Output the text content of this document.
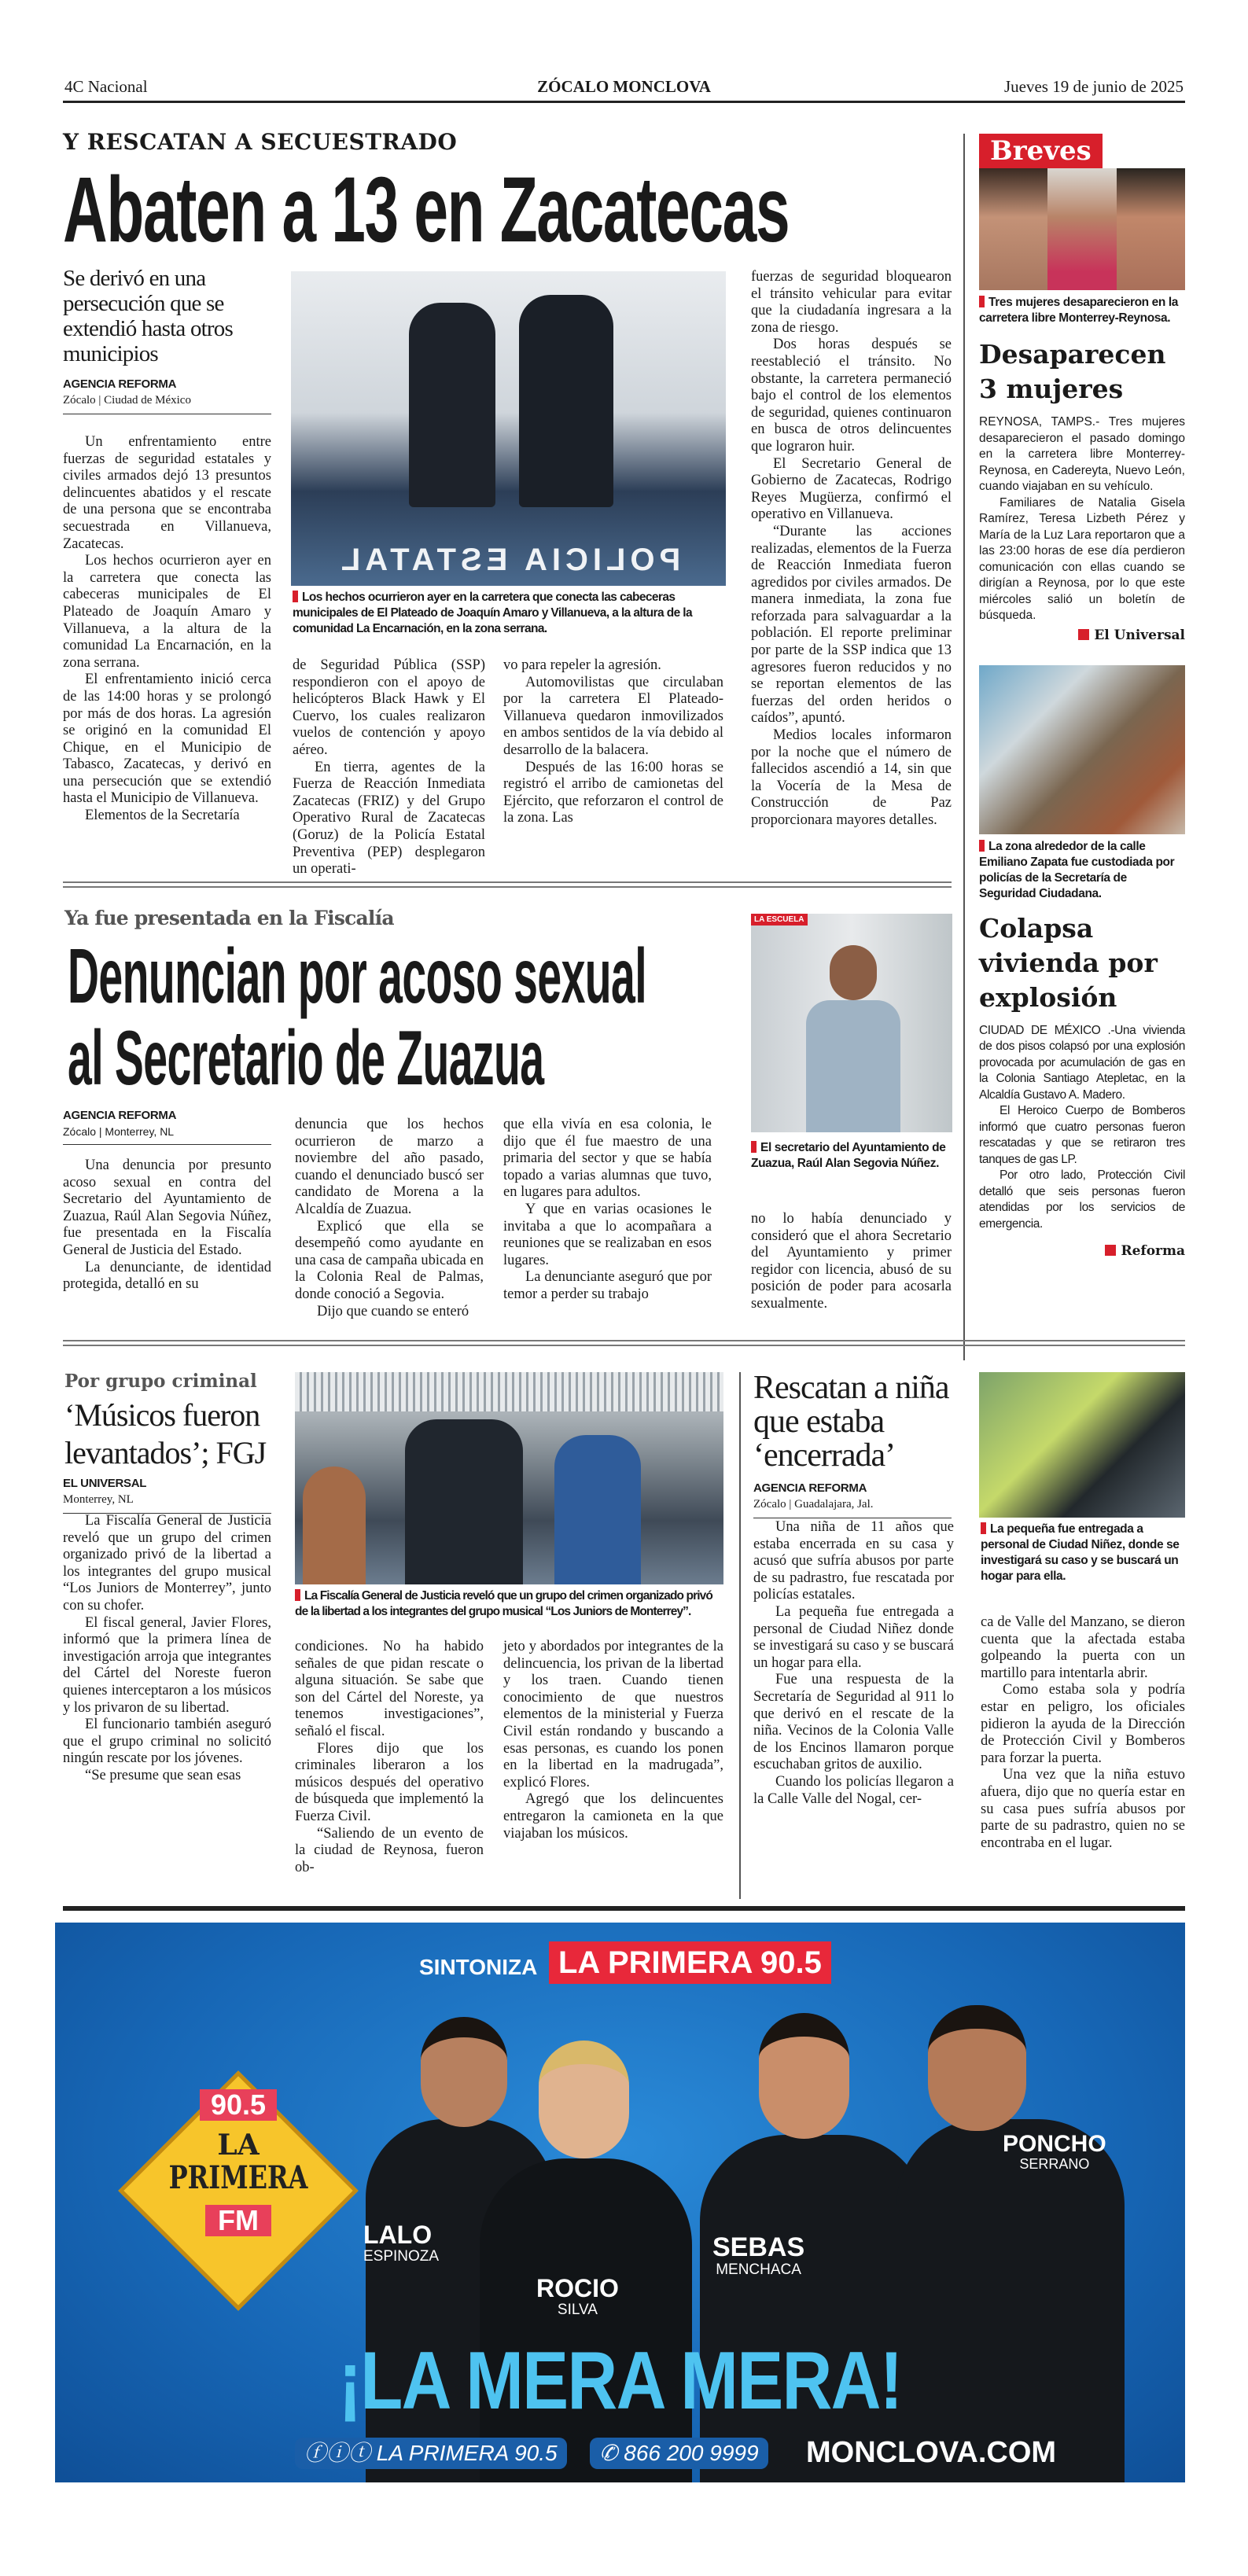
4C Nacional	ZÓCALO MONCLOVA	Jueves 19 de junio de 2025
Y RESCATAN A SECUESTRADO
Abaten a 13 en Zacatecas
Se derivó en una persecución que se extendió hasta otros municipios
AGENCIA REFORMA
Zócalo | Ciudad de México

Un enfrentamiento entre fuerzas de seguridad estatales y civiles armados dejó 13 presuntos delincuentes abatidos y el rescate de una persona que se encontraba secuestrada en Villanueva, Zacatecas.

Los hechos ocurrieron ayer en la carretera que conecta las cabeceras municipales de El Plateado de Joaquín Amaro y Villanueva, a la altura de la comunidad La Encarnación, en la zona serrana.

El enfrentamiento inició cerca de las 14:00 horas y se prolongó por más de dos horas. La agresión se originó en la comunidad El Chique, en el Municipio de Tabasco, Zacatecas, y derivó en una persecución que se extendió hasta el Municipio de Villanueva.

Elementos de la Secretaría

POLICIA ESTATAL
Los hechos ocurrieron ayer en la carretera que conecta las cabeceras municipales de El Plateado de Joaquín Amaro y Villanueva, a la altura de la comunidad La Encarnación, en la zona serrana.

de Seguridad Pública (SSP) respondieron con el apoyo de helicópteros Black Hawk y El Cuervo, los cuales realizaron vuelos de contención y apoyo aéreo.

En tierra, agentes de la Fuerza de Reacción Inmediata Zacatecas (FRIZ) y del Grupo Operativo Rural de Zacatecas (Goruz) de la Policía Estatal Preventiva (PEP) desplegaron un operati-

vo para repeler la agresión.

Automovilistas que circulaban por la carretera El Plateado-Villanueva quedaron inmovilizados en ambos sentidos de la vía debido al desarrollo de la balacera.

Después de las 16:00 horas se registró el arribo de camionetas del Ejército, que reforzaron el control de la zona. Las

fuerzas de seguridad bloquearon el tránsito vehicular para evitar que la ciudadanía ingresara a la zona de riesgo.

Dos horas después se reestableció el tránsito. No obstante, la carretera permaneció bajo el control de los elementos de seguridad, quienes continuaron en busca de otros delincuentes que lograron huir.

El Secretario General de Gobierno de Zacatecas, Rodrigo Reyes Mugüerza, confirmó el operativo en Villanueva.

“Durante las acciones realizadas, elementos de la Fuerza de Reacción Inmediata fueron agredidos por civiles armados. De manera inmediata, la zona fue reforzada para salvaguardar a la población. El reporte preliminar por parte de la SSP indica que 13 agresores fueron reducidos y no se reportan elementos de las fuerzas del orden heridos o caídos”, apuntó.

Medios locales informaron por la noche que el número de fallecidos ascendió a 14, sin que la Vocería de la Mesa de Construcción de Paz proporcionara mayores detalles.

Breves
Tres mujeres desaparecieron en la carretera libre Monterrey-Reynosa.
Desaparecen 3 mujeres

REYNOSA, TAMPS.- Tres mujeres desaparecieron el pasado domingo en la carretera libre Monterrey-Reynosa, en Cadereyta, Nuevo León, cuando viajaban en su vehículo.

Familiares de Natalia Gisela Ramírez, Teresa Lizbeth Pérez y María de la Luz Lara reportaron que a las 23:00 horas de ese día perdieron comunicación con ellas cuando se dirigían a Reynosa, por lo que este miércoles salió un boletín de búsqueda.

El Universal
La zona alrededor de la calle Emiliano Zapata fue custodiada por policías de la Secretaría de Seguridad Ciudadana.
Colapsa vivienda por explosión

CIUDAD DE MÉXICO .-Una vivienda de dos pisos colapsó por una explosión provocada por acumulación de gas en la Colonia Santiago Atepletac, en la Alcaldía Gustavo A. Madero.

El Heroico Cuerpo de Bomberos informó que cuatro personas fueron rescatadas y que se retiraron tres tanques de gas LP.

Por otro lado, Protección Civil detalló que seis personas fueron atendidas por los servicios de emergencia.

Reforma
Ya fue presentada en la Fiscalía
Denuncian por acoso sexual
al Secretario de Zuazua
AGENCIA REFORMA
Zócalo | Monterrey, NL

Una denuncia por presunto acoso sexual en contra del Secretario del Ayuntamiento de Zuazua, Raúl Alan Segovia Núñez, fue presentada en la Fiscalía General de Justicia del Estado.

La denunciante, de identidad protegida, detalló en su

denuncia que los hechos ocurrieron de marzo a noviembre del año pasado, cuando el denunciado buscó ser candidato de Morena a la Alcaldía de Zuazua.

Explicó que ella se desempeñó como ayudante en una casa de campaña ubicada en la Colonia Real de Palmas, donde conoció a Segovia.

Dijo que cuando se enteró

que ella vivía en esa colonia, le dijo que él fue maestro de una primaria del sector y que se había topado a varias alumnas que tuvo, en lugares para adultos.

Y que en varias ocasiones le invitaba a que lo acompañara a reuniones que se realizaban en esos lugares.

La denunciante aseguró que por temor a perder su trabajo

LA ESCUELA
El secretario del Ayuntamiento de Zuazua, Raúl Alan Segovia Núñez.

no lo había denunciado y consideró que el ahora Secretario del Ayuntamiento y primer regidor con licencia, abusó de su posición de poder para acosarla sexualmente.

Por grupo criminal
‘Músicos fueron levantados’; FGJ
EL UNIVERSAL
Monterrey, NL

La Fiscalía General de Justicia reveló que un grupo del crimen organizado privó de la libertad a los integrantes del grupo musical “Los Juniors de Monterrey”, junto con su chofer.

El fiscal general, Javier Flores, informó que la primera línea de investigación arroja que integrantes del Cártel del Noreste fueron quienes interceptaron a los músicos y los privaron de su libertad.

El funcionario también aseguró que el grupo criminal no solicitó ningún rescate por los jóvenes.

“Se presume que sean esas

La Fiscalía General de Justicia reveló que un grupo del crimen organizado privó de la libertad a los integrantes del grupo musical “Los Juniors de Monterrey”.

condiciones. No ha habido señales de que pidan rescate o alguna situación. Se sabe que son del Cártel del Noreste, ya tenemos investigaciones”, señaló el fiscal.

Flores dijo que los criminales liberaron a los músicos después del operativo de búsqueda que implementó la Fuerza Civil.

“Saliendo de un evento de la ciudad de Reynosa, fueron ob-

jeto y abordados por integrantes de la delincuencia, los privan de la libertad y los traen. Cuando tienen conocimiento de que nuestros elementos de la ministerial y Fuerza Civil están rondando y buscando a esas personas, es cuando los ponen en la libertad en la madrugada”, explicó Flores.

Agregó que los delincuentes entregaron la camioneta en la que viajaban los músicos.

Rescatan a niña que estaba ‘encerrada’
AGENCIA REFORMA
Zócalo | Guadalajara, Jal.

Una niña de 11 años que estaba encerrada en su casa y acusó que sufría abusos por parte de su padrastro, fue rescatada por policías estatales.

La pequeña fue entregada a personal de Ciudad Niñez donde se investigará su caso y se buscará un hogar para ella.

Fue una respuesta de la Secretaría de Seguridad al 911 lo que derivó en el rescate de la niña. Vecinos de la Colonia Valle de los Encinos llamaron porque escuchaban gritos de auxilio.

Cuando los policías llegaron a la Calle Valle del Nogal, cer-

La pequeña fue entregada a personal de Ciudad Niñez, donde se investigará su caso y se buscará un hogar para ella.

ca de Valle del Manzano, se dieron cuenta que la afectada estaba golpeando la puerta con un martillo para intentarla abrir.

Como estaba sola y podría estar en peligro, los oficiales pidieron la ayuda de la Dirección de Protección Civil y Bomberos para forzar la puerta.

Una vez que la niña estuvo afuera, dijo que no quería estar en su casa pues sufría abusos por parte de su padrastro, quien no se encontraba en el lugar.

SINTONIZA LA PRIMERA 90.5
90.5
LA
PRIMERA
FM	LALO
ESPINOZA
ROCIO
SILVA
SEBAS
MENCHACA
PONCHO
SERRANO
¡LA MERA MERA!
ⓕⓘⓣ LA PRIMERA 90.5	✆ 866 200 9999	MONCLOVA.COM
